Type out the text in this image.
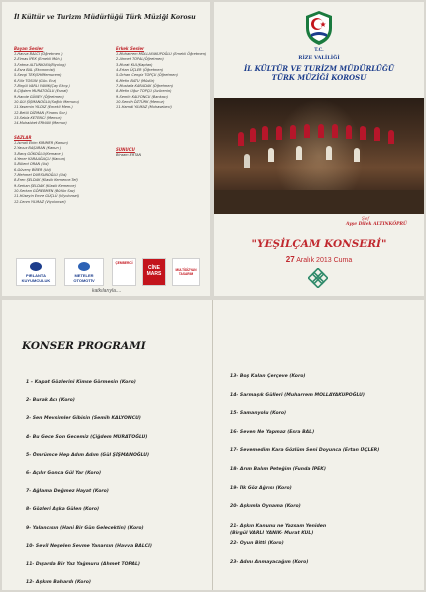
İl Kültür ve Turizm Müdürlüğü Türk Müziği Korosu
Bayan Sesler
1-Havva BALCI (Öğretmen )
2-Elmas İPEK (Emekli Müh.)
3-Fatma ALTUNKAYA(Biyolog)
4-Esra BAL (Ekonomist)
5-Sevgi TEK(SHfMemurem)
6-Filiz TOSUN (Güv. Ecz)
7-Birgül VARLI YANIK(Çay Ekoy.)
8-Çiğdem MURATOĞLU (Esnaf)
9-Hande GÜNEY (Öğretmen)
10-Gül ŞİŞMANOĞLU(Sağlık Memuru)
11-Yasemin YILDIZ (Emekli Mem.)
12-Betül DİZMAN (Finans Sor.)
13-Sebla KETENCİ (Memur)
14-Muhabbet ERHAN (Memur)
SAZLAR
1-İsmail Ekim KIRIMER (Kanun)
2-Yavuz BAŞARAN (Kanun )
3-Barış GÖKOĞLU(Kemane )
4-Yener KARAAĞAÇLI (Kanun)
5-Bülent ORAN (Ud)
6-Güvenç BİBER (Ud)
7-Mehmet DURSUNOĞLU (Ud)
8-Eren ŞELDAK (Klasik Kemence-Tef)
9-Serkan ŞELDAK (Klasik Kemence)
10-Serkan GÖREBMEN (Bütün Saz)
11-Hüseyin Emre GÜÇLÜ (Viyolonsel)
12-Cenm YILMAZ (Viyolonsel)
Erkek Sesler
1-Muharrem MOLLAYAKUPOĞLU (Emekli Öğretmen)
2-Ahmet TOPAL(Öğretmen)
3-Murat KUL(Kaptan)
4-Ertan ÜÇLER (Öğretmen)
5-Orhan Cengiz TOPÇU (Öğretmen)
6-Metin BATU (Müdür)
7-Mustafa KARADAK (Öğretmen)
8-Metin Uğur TOPÇU (Avürenin)
9-Semih KALYONCU (Bankacı)
10-Semih ÖZTÜRK (Memur)
11-Hamdi YILMAZ (Muhasebeci)
SUNUCU
Biraam ERTAN
PIRLANTA KUYUMCULUK
METELER OTOMOTİV
ÇEMBERCİ
CİNE MARS
MULTİDİZYAN TASARIM
katkılarıyla....
T.C.
RİZE VALİLİĞİ
İL KÜLTÜR VE TURİZM MÜDÜRLÜĞÜ
TÜRK MÜZİĞİ KOROSU
Şef
Ayşe Dilek ALTINKÖPRÜ
"YEŞİLÇAM KONSERİ"
27 Aralık 2013 Cuma
KONSER PROGRAMI
1 – Kapat Gözlerini Kimse Görmesin (Koro)
2- Burak Acı (Koro)
3- Sen Mevsimler Gibisin (Semih KALYONCU)
4- Bu Gece Son Gecemiz (Çiğdem MURATOĞLU)
5- Ömrümce Hep Adım Adım (Gül ŞİŞMANOĞLU)
6- Açılır Gonca Gül Yar (Koro)
7- Ağlama Değmez Hayat (Koro)
8- Gözleri Aşka Gülen (Koro)
9- Yalancısın (Hani Bir Gün Gelecektin) (Koro)
10- Sevil Neşelen Sevme Yanarsın (Havva BALCI)
11- Dışarda Bir Yaz Yağmuru (Ahmet TOPAL)
12- Aşkım Bahardı (Koro)
13- Boş Kalan Çerçeve (Koro)
14- Sarmaşık Gülleri (Muharrem MOLLAYAKUPOĞLU)
15- Samanyolu (Koro)
16- Seven Ne Yapmaz (Esra BAL)
17- Sevemedim Kara Gözlüm Seni Doyunca (Ertan ÜÇLER)
18- Arım Balım Peteğim (Funda İPEK)
19- İlk Göz Ağrısı (Koro)
20- Aşkımla Oynama (Koro)
21- Aşkın Kanunu ne Yazsam Yeniden
(Birgül VARLI YANIK- Murat KUL)
22- Oyun Bitti (Koro)
23- Adını Anmayacağım (Koro)
